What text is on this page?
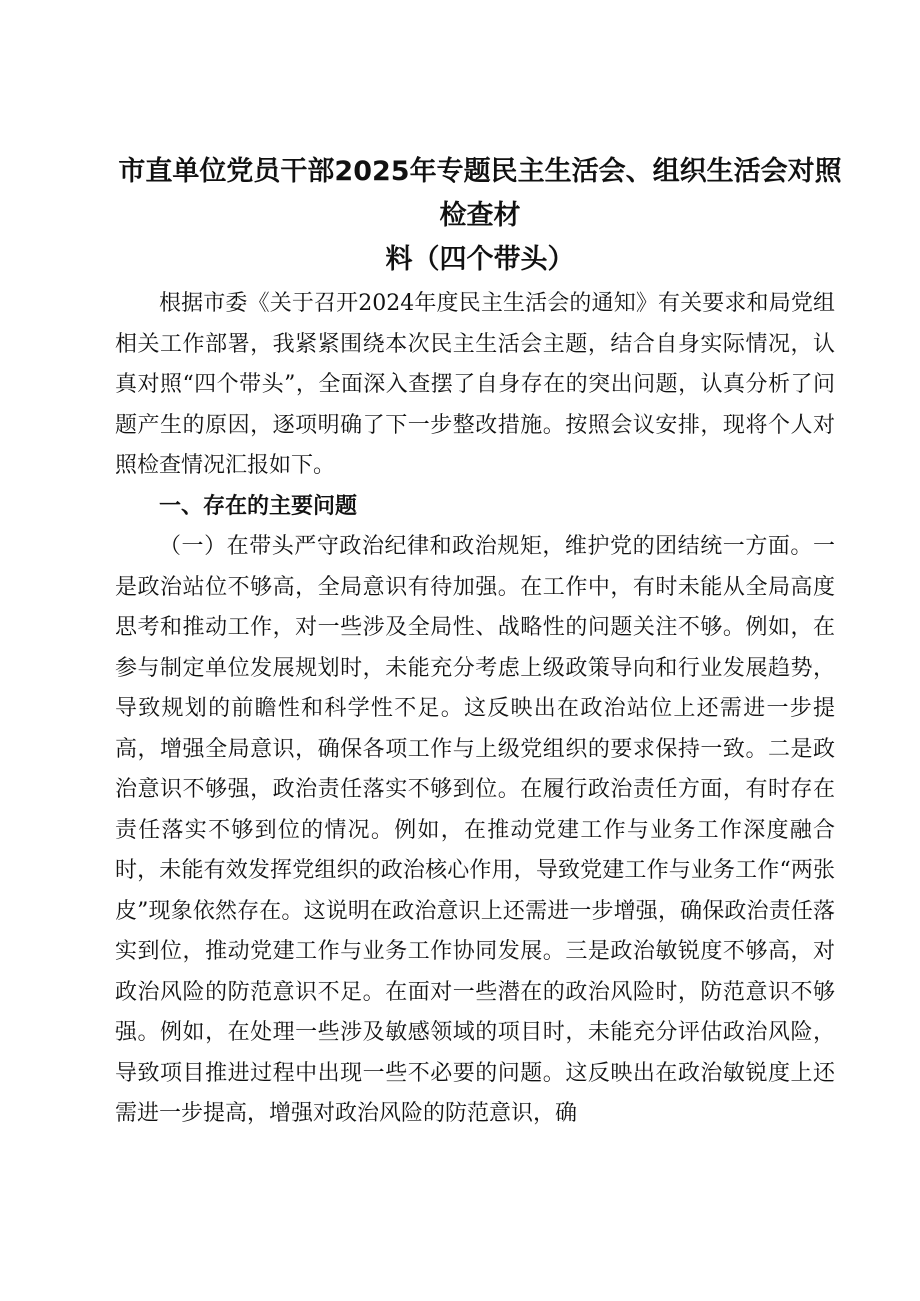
市直单位党员干部2025年专题民主生活会、组织生活会对照检查材
料（四个带头）

根据市委《关于召开2024年度民主生活会的通知》有关要求和局党组相关工作部署，我紧紧围绕本次民主生活会主题，结合自身实际情况，认真对照“四个带头”，全面深入查摆了自身存在的突出问题，认真分析了问题产生的原因，逐项明确了下一步整改措施。按照会议安排，现将个人对照检查情况汇报如下。

一、存在的主要问题

（一）在带头严守政治纪律和政治规矩，维护党的团结统一方面。一是政治站位不够高，全局意识有待加强。在工作中，有时未能从全局高度思考和推动工作，对一些涉及全局性、战略性的问题关注不够。例如，在参与制定单位发展规划时，未能充分考虑上级政策导向和行业发展趋势，导致规划的前瞻性和科学性不足。这反映出在政治站位上还需进一步提高，增强全局意识，确保各项工作与上级党组织的要求保持一致。二是政治意识不够强，政治责任落实不够到位。在履行政治责任方面，有时存在责任落实不够到位的情况。例如，在推动党建工作与业务工作深度融合时，未能有效发挥党组织的政治核心作用，导致党建工作与业务工作“两张皮”现象依然存在。这说明在政治意识上还需进一步增强，确保政治责任落实到位，推动党建工作与业务工作协同发展。三是政治敏锐度不够高，对政治风险的防范意识不足。在面对一些潜在的政治风险时，防范意识不够强。例如，在处理一些涉及敏感领域的项目时，未能充分评估政治风险，导致项目推进过程中出现一些不必要的问题。这反映出在政治敏锐度上还需进一步提高，增强对政治风险的防范意识，确
